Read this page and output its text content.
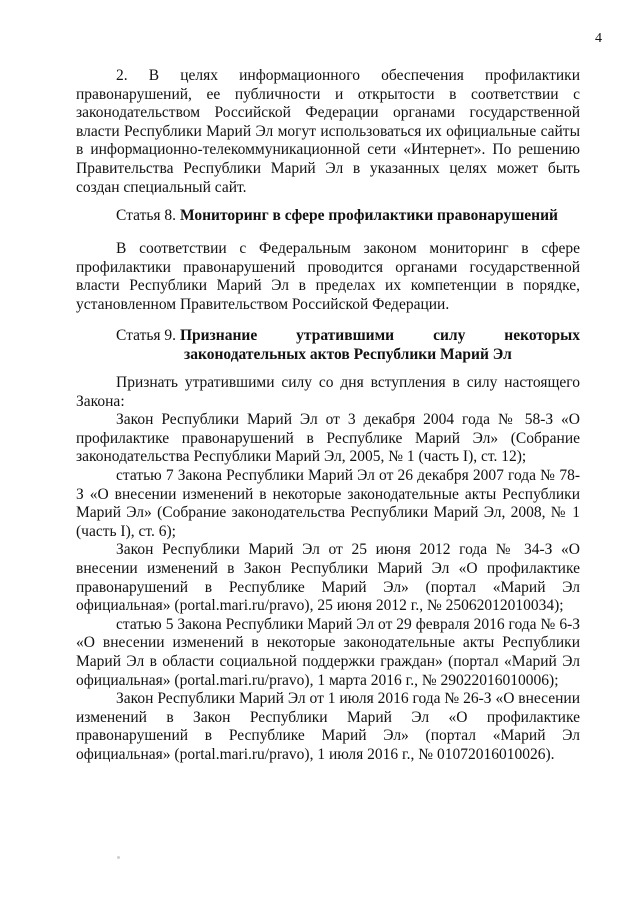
4

2. В целях информационного обеспечения профилактики правонарушений, ее публичности и открытости в соответствии с законодательством Российской Федерации органами государственной власти Республики Марий Эл могут использоваться их официальные сайты в информационно-телекоммуникационной сети «Интернет». По решению Правительства Республики Марий Эл в указанных целях может быть создан специальный сайт.

Статья 8. Мониторинг в сфере профилактики правонарушений

В соответствии с Федеральным законом мониторинг в сфере профилактики правонарушений проводится органами государственной власти Республики Марий Эл в пределах их компетенции в порядке, установленном Правительством Российской Федерации.

Статья 9. Признание	утратившими	силу	некоторых
законодательных актов Республики Марий Эл

Признать утратившими силу со дня вступления в силу настоящего Закона:

Закон Республики Марий Эл от 3 декабря 2004 года № 58-З «О профилактике правонарушений в Республике Марий Эл» (Собрание законодательства Республики Марий Эл, 2005, № 1 (часть I), ст. 12);

статью 7 Закона Республики Марий Эл от 26 декабря 2007 года № 78-З «О внесении изменений в некоторые законодательные акты Республики Марий Эл» (Собрание законодательства Республики Марий Эл, 2008, № 1 (часть I), ст. 6);

Закон Республики Марий Эл от 25 июня 2012 года № 34-З «О внесении изменений в Закон Республики Марий Эл «О профилактике правонарушений в Республике Марий Эл» (портал «Марий Эл официальная» (portal.mari.ru/pravo), 25 июня 2012 г., № 25062012010034);

статью 5 Закона Республики Марий Эл от 29 февраля 2016 года № 6-З «О внесении изменений в некоторые законодательные акты Республики Марий Эл в области социальной поддержки граждан» (портал «Марий Эл официальная» (portal.mari.ru/pravo), 1 марта 2016 г., № 29022016010006);

Закон Республики Марий Эл от 1 июля 2016 года № 26-З «О внесении изменений в Закон Республики Марий Эл «О профилактике правонарушений в Республике Марий Эл» (портал «Марий Эл официальная» (portal.mari.ru/pravo), 1 июля 2016 г., № 01072016010026).
